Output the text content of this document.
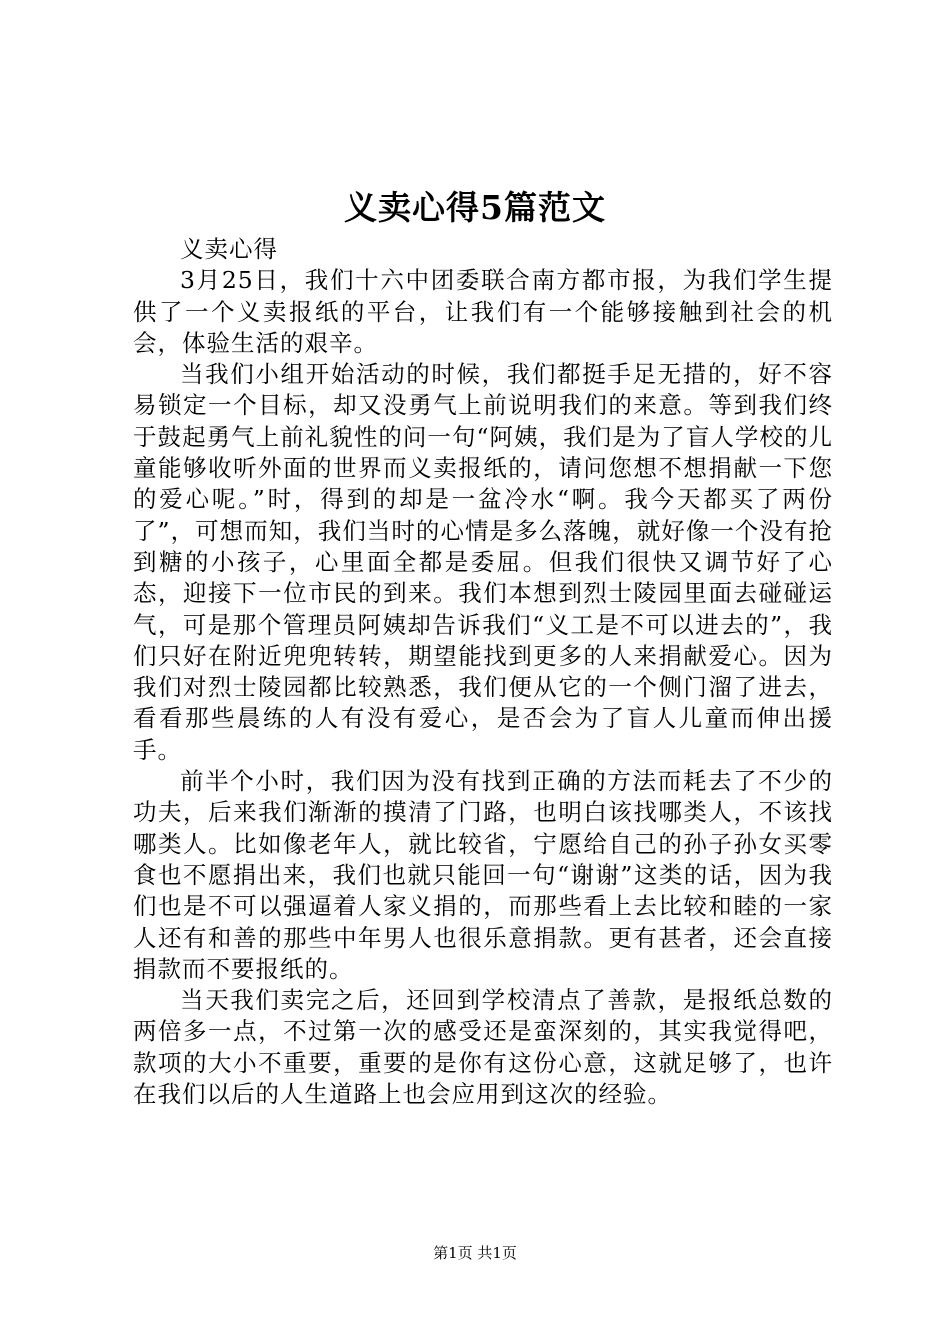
义卖心得5篇范文
义卖心得

3月25日，我们十六中团委联合南方都市报，为我们学生提供了一个义卖报纸的平台，让我们有一个能够接触到社会的机会，体验生活的艰辛。

当我们小组开始活动的时候，我们都挺手足无措的，好不容易锁定一个目标，却又没勇气上前说明我们的来意。等到我们终于鼓起勇气上前礼貌性的问一句“阿姨，我们是为了盲人学校的儿童能够收听外面的世界而义卖报纸的，请问您想不想捐献一下您的爱心呢。”时，得到的却是一盆冷水“啊。我今天都买了两份了”，可想而知，我们当时的心情是多么落魄，就好像一个没有抢到糖的小孩子，心里面全都是委屈。但我们很快又调节好了心态，迎接下一位市民的到来。我们本想到烈士陵园里面去碰碰运气，可是那个管理员阿姨却告诉我们“义工是不可以进去的”，我们只好在附近兜兜转转，期望能找到更多的人来捐献爱心。因为我们对烈士陵园都比较熟悉，我们便从它的一个侧门溜了进去，看看那些晨练的人有没有爱心，是否会为了盲人儿童而伸出援手。

前半个小时，我们因为没有找到正确的方法而耗去了不少的功夫，后来我们渐渐的摸清了门路，也明白该找哪类人，不该找哪类人。比如像老年人，就比较省，宁愿给自己的孙子孙女买零食也不愿捐出来，我们也就只能回一句“谢谢”这类的话，因为我们也是不可以强逼着人家义捐的，而那些看上去比较和睦的一家人还有和善的那些中年男人也很乐意捐款。更有甚者，还会直接捐款而不要报纸的。

当天我们卖完之后，还回到学校清点了善款，是报纸总数的两倍多一点，不过第一次的感受还是蛮深刻的，其实我觉得吧，款项的大小不重要，重要的是你有这份心意，这就足够了，也许在我们以后的人生道路上也会应用到这次的经验。

第1页 共1页
